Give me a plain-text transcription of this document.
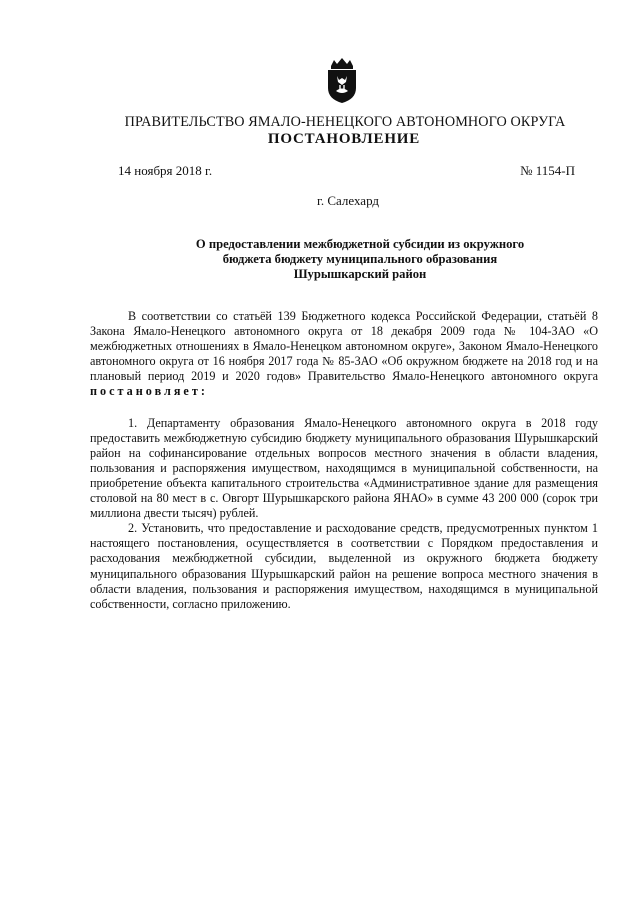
ПРАВИТЕЛЬСТВО ЯМАЛО-НЕНЕЦКОГО АВТОНОМНОГО ОКРУГА
ПОСТАНОВЛЕНИЕ
14 ноября 2018 г.	№ 1154-П
г. Салехард
О предоставлении межбюджетной субсидии из окружного
бюджета бюджету муниципального образования
Шурышкарский район

В соответствии со статьёй 139 Бюджетного кодекса Российской Федерации, статьёй 8 Закона Ямало-Ненецкого автономного округа от 18 декабря 2009 года № 104-ЗАО «О межбюджетных отношениях в Ямало-Ненецком автономном округе», Законом Ямало-Ненецкого автономного округа от 16 ноября 2017 года № 85-ЗАО «Об окружном бюджете на 2018 год и на плановый период 2019 и 2020 годов» Правительство Ямало-Ненецкого автономного округа постановляет:

1. Департаменту образования Ямало-Ненецкого автономного округа в 2018 году предоставить межбюджетную субсидию бюджету муниципального образования Шурышкарский район на софинансирование отдельных вопросов местного значения в области владения, пользования и распоряжения имуществом, находящимся в муниципальной собственности, на приобретение объекта капитального строительства «Административное здание для размещения столовой на 80 мест в с. Овгорт Шурышкарского района ЯНАО» в сумме 43 200 000 (сорок три миллиона двести тысяч) рублей.

2. Установить, что предоставление и расходование средств, предусмотренных пунктом 1 настоящего постановления, осуществляется в соответствии с Порядком предоставления и расходования межбюджетной субсидии, выделенной из окружного бюджета бюджету муниципального образования Шурышкарский район на решение вопроса местного значения в области владения, пользования и распоряжения имуществом, находящимся в муниципальной собственности, согласно приложению.
